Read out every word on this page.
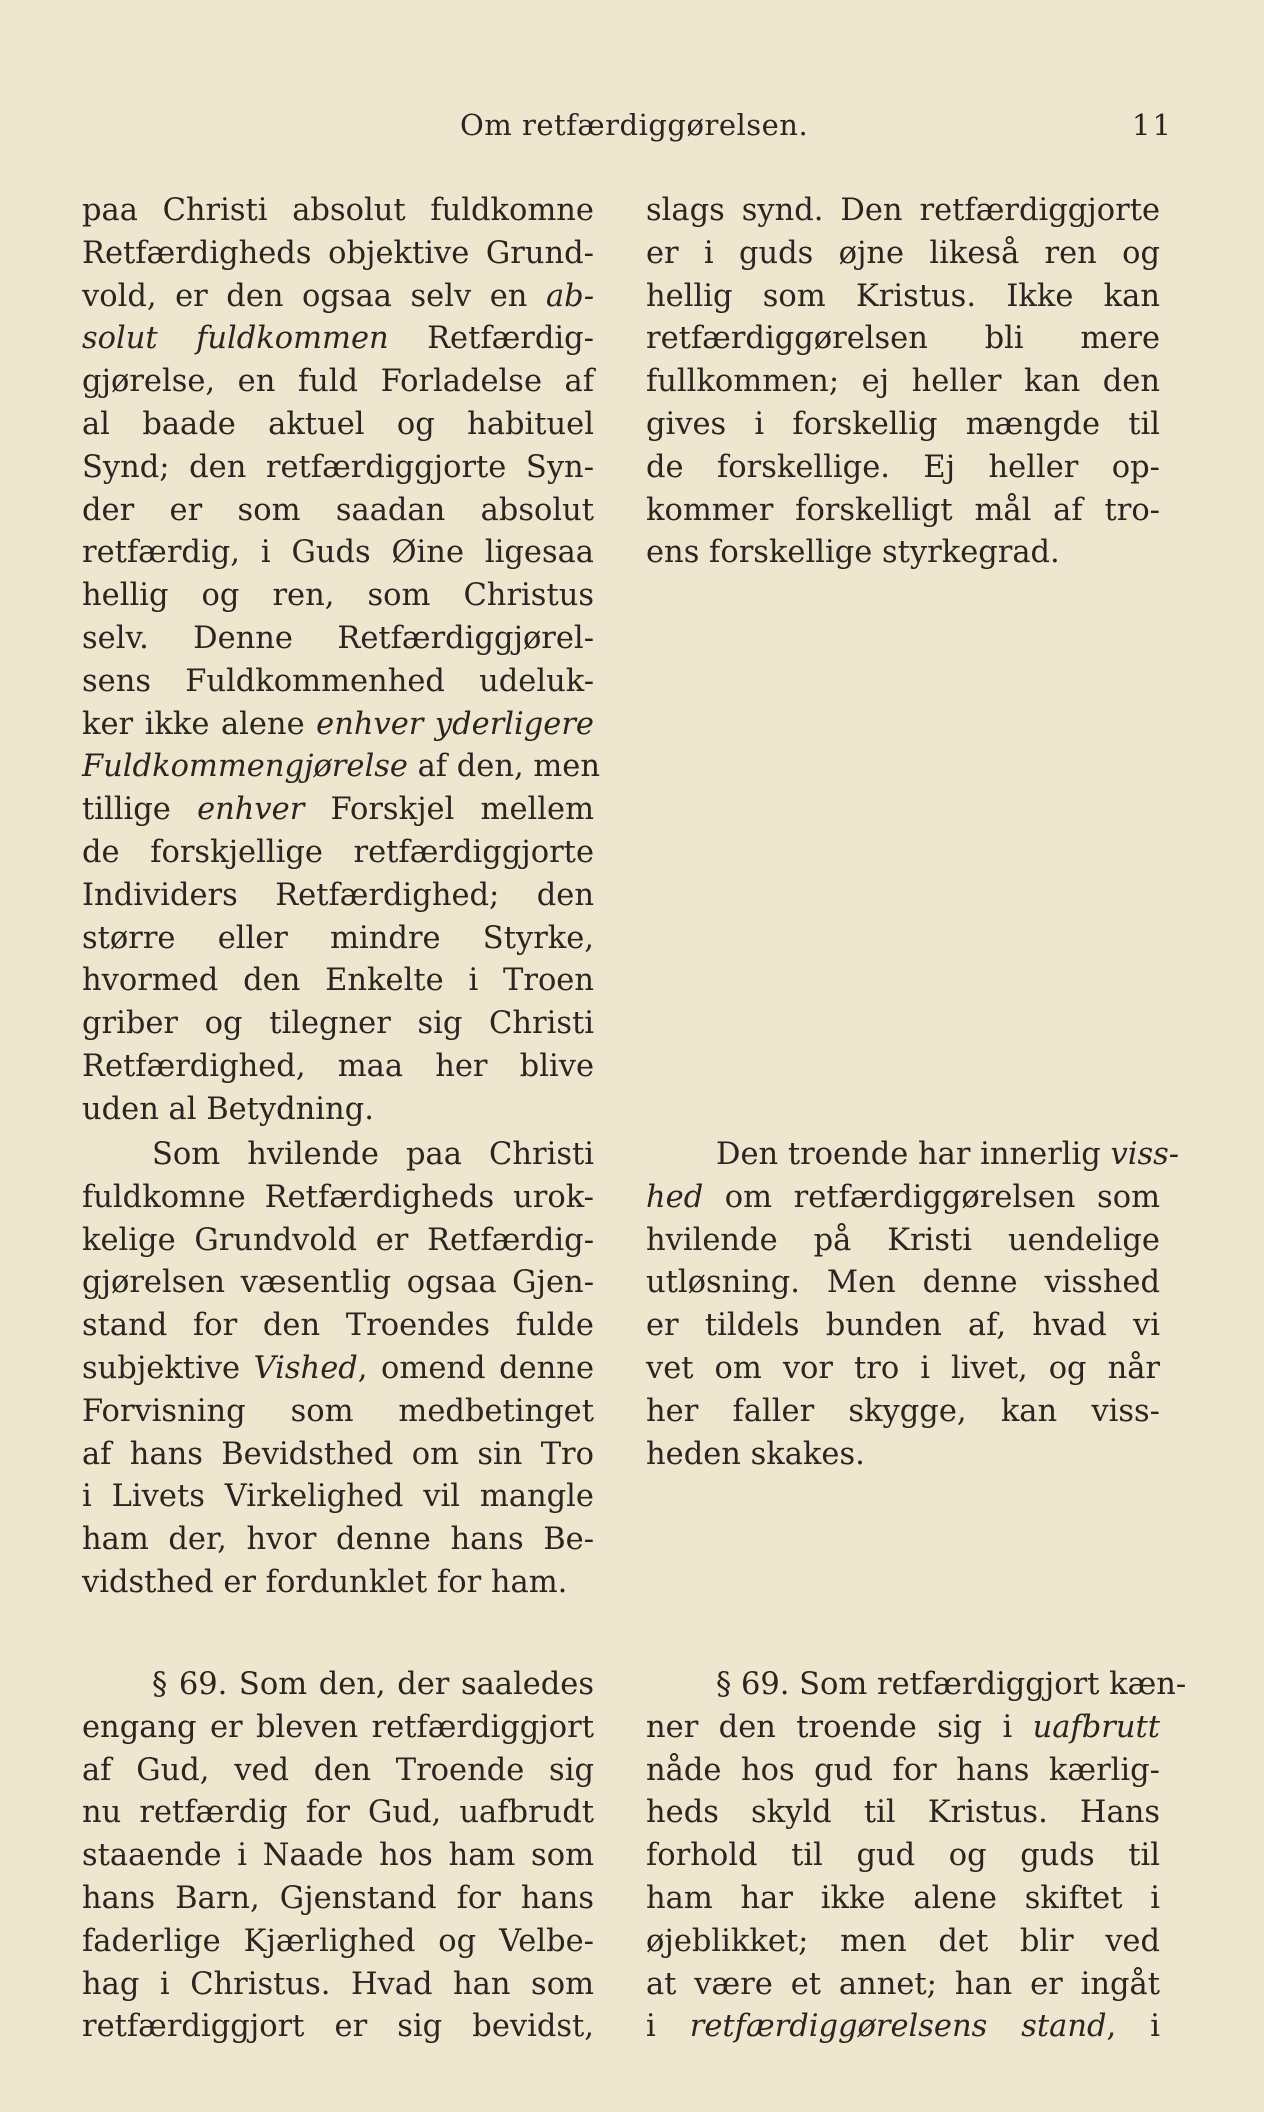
Om retfærdiggørelsen.	11
paa Christi absolut fuldkomne
Retfærdigheds objektive Grund-
vold, er den ogsaa selv en ab-
solut fuldkommen Retfærdig-
gjørelse, en fuld Forladelse af
al baade aktuel og habituel
Synd; den retfærdiggjorte Syn-
der er som saadan absolut
retfærdig, i Guds Øine ligesaa
hellig og ren, som Christus
selv. Denne Retfærdiggjørel-
sens Fuldkommenhed udeluk-
ker ikke alene enhver yderligere
Fuldkommengjørelse af den, men
tillige enhver Forskjel mellem
de forskjellige retfærdiggjorte
Individers Retfærdighed; den
større eller mindre Styrke,
hvormed den Enkelte i Troen
griber og tilegner sig Christi
Retfærdighed, maa her blive
uden al Betydning.
Som hvilende paa Christi
fuldkomne Retfærdigheds urok-
kelige Grundvold er Retfærdig-
gjørelsen væsentlig ogsaa Gjen-
stand for den Troendes fulde
subjektive Vished, omend denne
Forvisning som medbetinget
af hans Bevidsthed om sin Tro
i Livets Virkelighed vil mangle
ham der, hvor denne hans Be-
vidsthed er fordunklet for ham.
§ 69. Som den, der saaledes
engang er bleven retfærdiggjort
af Gud, ved den Troende sig
nu retfærdig for Gud, uafbrudt
staaende i Naade hos ham som
hans Barn, Gjenstand for hans
faderlige Kjærlighed og Velbe-
hag i Christus. Hvad han som
retfærdiggjort er sig bevidst,
slags synd. Den retfærdiggjorte
er i guds øjne likeså ren og
hellig som Kristus. Ikke kan
retfærdiggørelsen bli mere
fullkommen; ej heller kan den
gives i forskellig mængde til
de forskellige. Ej heller op-
kommer forskelligt mål af tro-
ens forskellige styrkegrad.
Den troende har innerlig viss-
hed om retfærdiggørelsen som
hvilende på Kristi uendelige
utløsning. Men denne visshed
er tildels bunden af, hvad vi
vet om vor tro i livet, og når
her faller skygge, kan viss-
heden skakes.
§ 69. Som retfærdiggjort kæn-
ner den troende sig i uafbrutt
nåde hos gud for hans kærlig-
heds skyld til Kristus. Hans
forhold til gud og guds til
ham har ikke alene skiftet i
øjeblikket; men det blir ved
at være et annet; han er ingåt
i retfærdiggørelsens stand, i
